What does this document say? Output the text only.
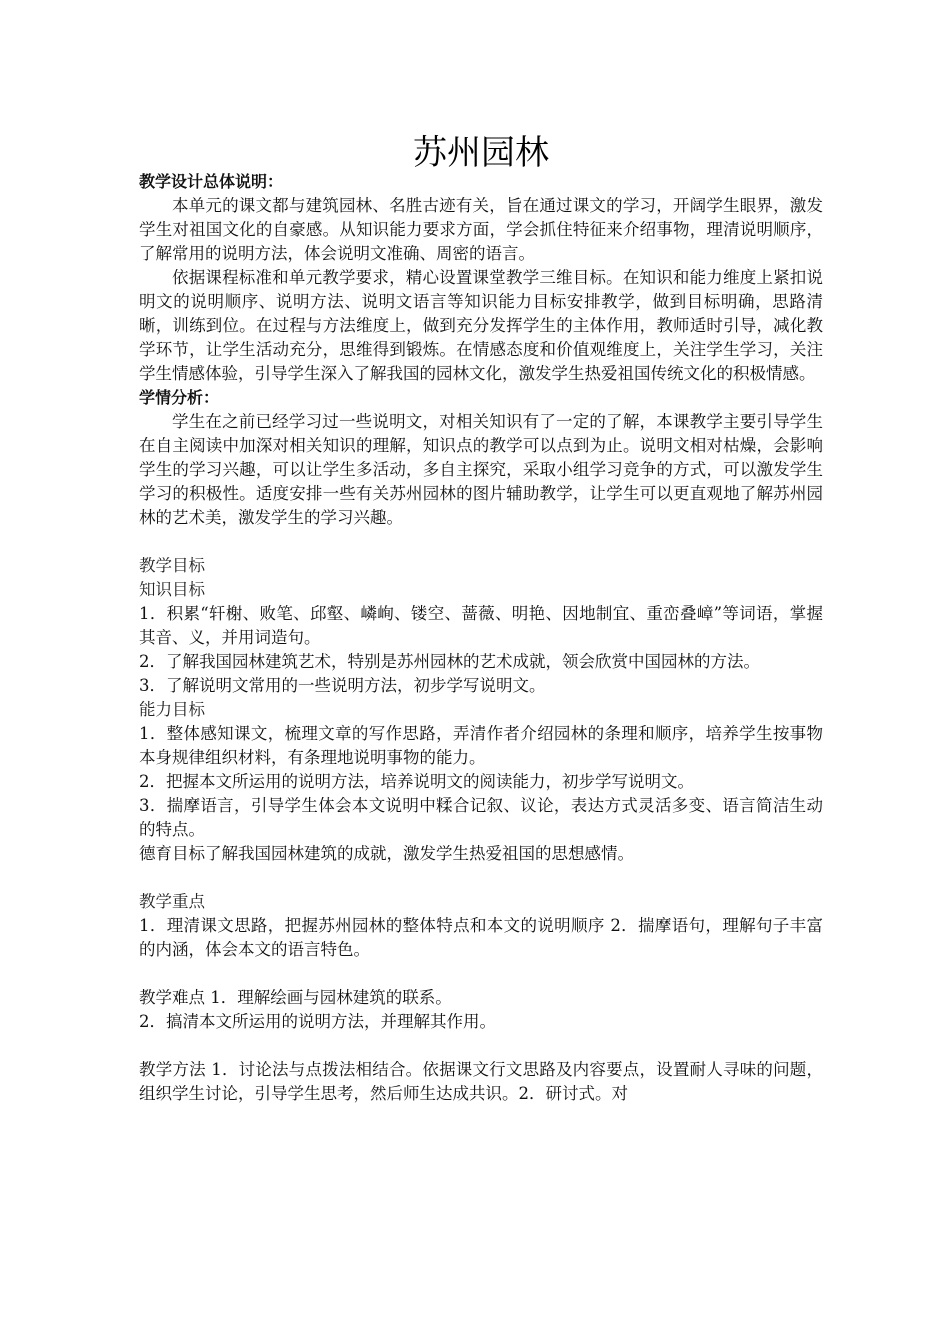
苏州园林

教学设计总体说明：

本单元的课文都与建筑园林、名胜古迹有关，旨在通过课文的学习，开阔学生眼界，激发学生对祖国文化的自豪感。从知识能力要求方面，学会抓住特征来介绍事物，理清说明顺序，了解常用的说明方法，体会说明文准确、周密的语言。

依据课程标准和单元教学要求，精心设置课堂教学三维目标。在知识和能力维度上紧扣说明文的说明顺序、说明方法、说明文语言等知识能力目标安排教学，做到目标明确，思路清晰，训练到位。在过程与方法维度上，做到充分发挥学生的主体作用，教师适时引导，减化教学环节，让学生活动充分，思维得到锻炼。在情感态度和价值观维度上，关注学生学习，关注学生情感体验，引导学生深入了解我国的园林文化，激发学生热爱祖国传统文化的积极情感。

学情分析：

学生在之前已经学习过一些说明文，对相关知识有了一定的了解，本课教学主要引导学生在自主阅读中加深对相关知识的理解，知识点的教学可以点到为止。说明文相对枯燥，会影响学生的学习兴趣，可以让学生多活动，多自主探究，采取小组学习竞争的方式，可以激发学生学习的积极性。适度安排一些有关苏州园林的图片辅助教学，让学生可以更直观地了解苏州园林的艺术美，激发学生的学习兴趣。

教学目标

知识目标

1．积累“轩榭、败笔、邱壑、嶙峋、镂空、蔷薇、明艳、因地制宜、重峦叠嶂”等词语，掌握其音、义，并用词造句。

2．了解我国园林建筑艺术，特别是苏州园林的艺术成就，领会欣赏中国园林的方法。

3．了解说明文常用的一些说明方法，初步学写说明文。

能力目标

1．整体感知课文，梳理文章的写作思路，弄清作者介绍园林的条理和顺序，培养学生按事物本身规律组织材料，有条理地说明事物的能力。

2．把握本文所运用的说明方法，培养说明文的阅读能力，初步学写说明文。

3．揣摩语言，引导学生体会本文说明中糅合记叙、议论，表达方式灵活多变、语言简洁生动的特点。

德育目标了解我国园林建筑的成就，激发学生热爱祖国的思想感情。

教学重点

1．理清课文思路，把握苏州园林的整体特点和本文的说明顺序 2．揣摩语句，理解句子丰富的内涵，体会本文的语言特色。

教学难点 1．理解绘画与园林建筑的联系。

2．搞清本文所运用的说明方法，并理解其作用。

教学方法 1．讨论法与点拨法相结合。依据课文行文思路及内容要点，设置耐人寻味的问题，组织学生讨论，引导学生思考，然后师生达成共识。2．研讨式。对
